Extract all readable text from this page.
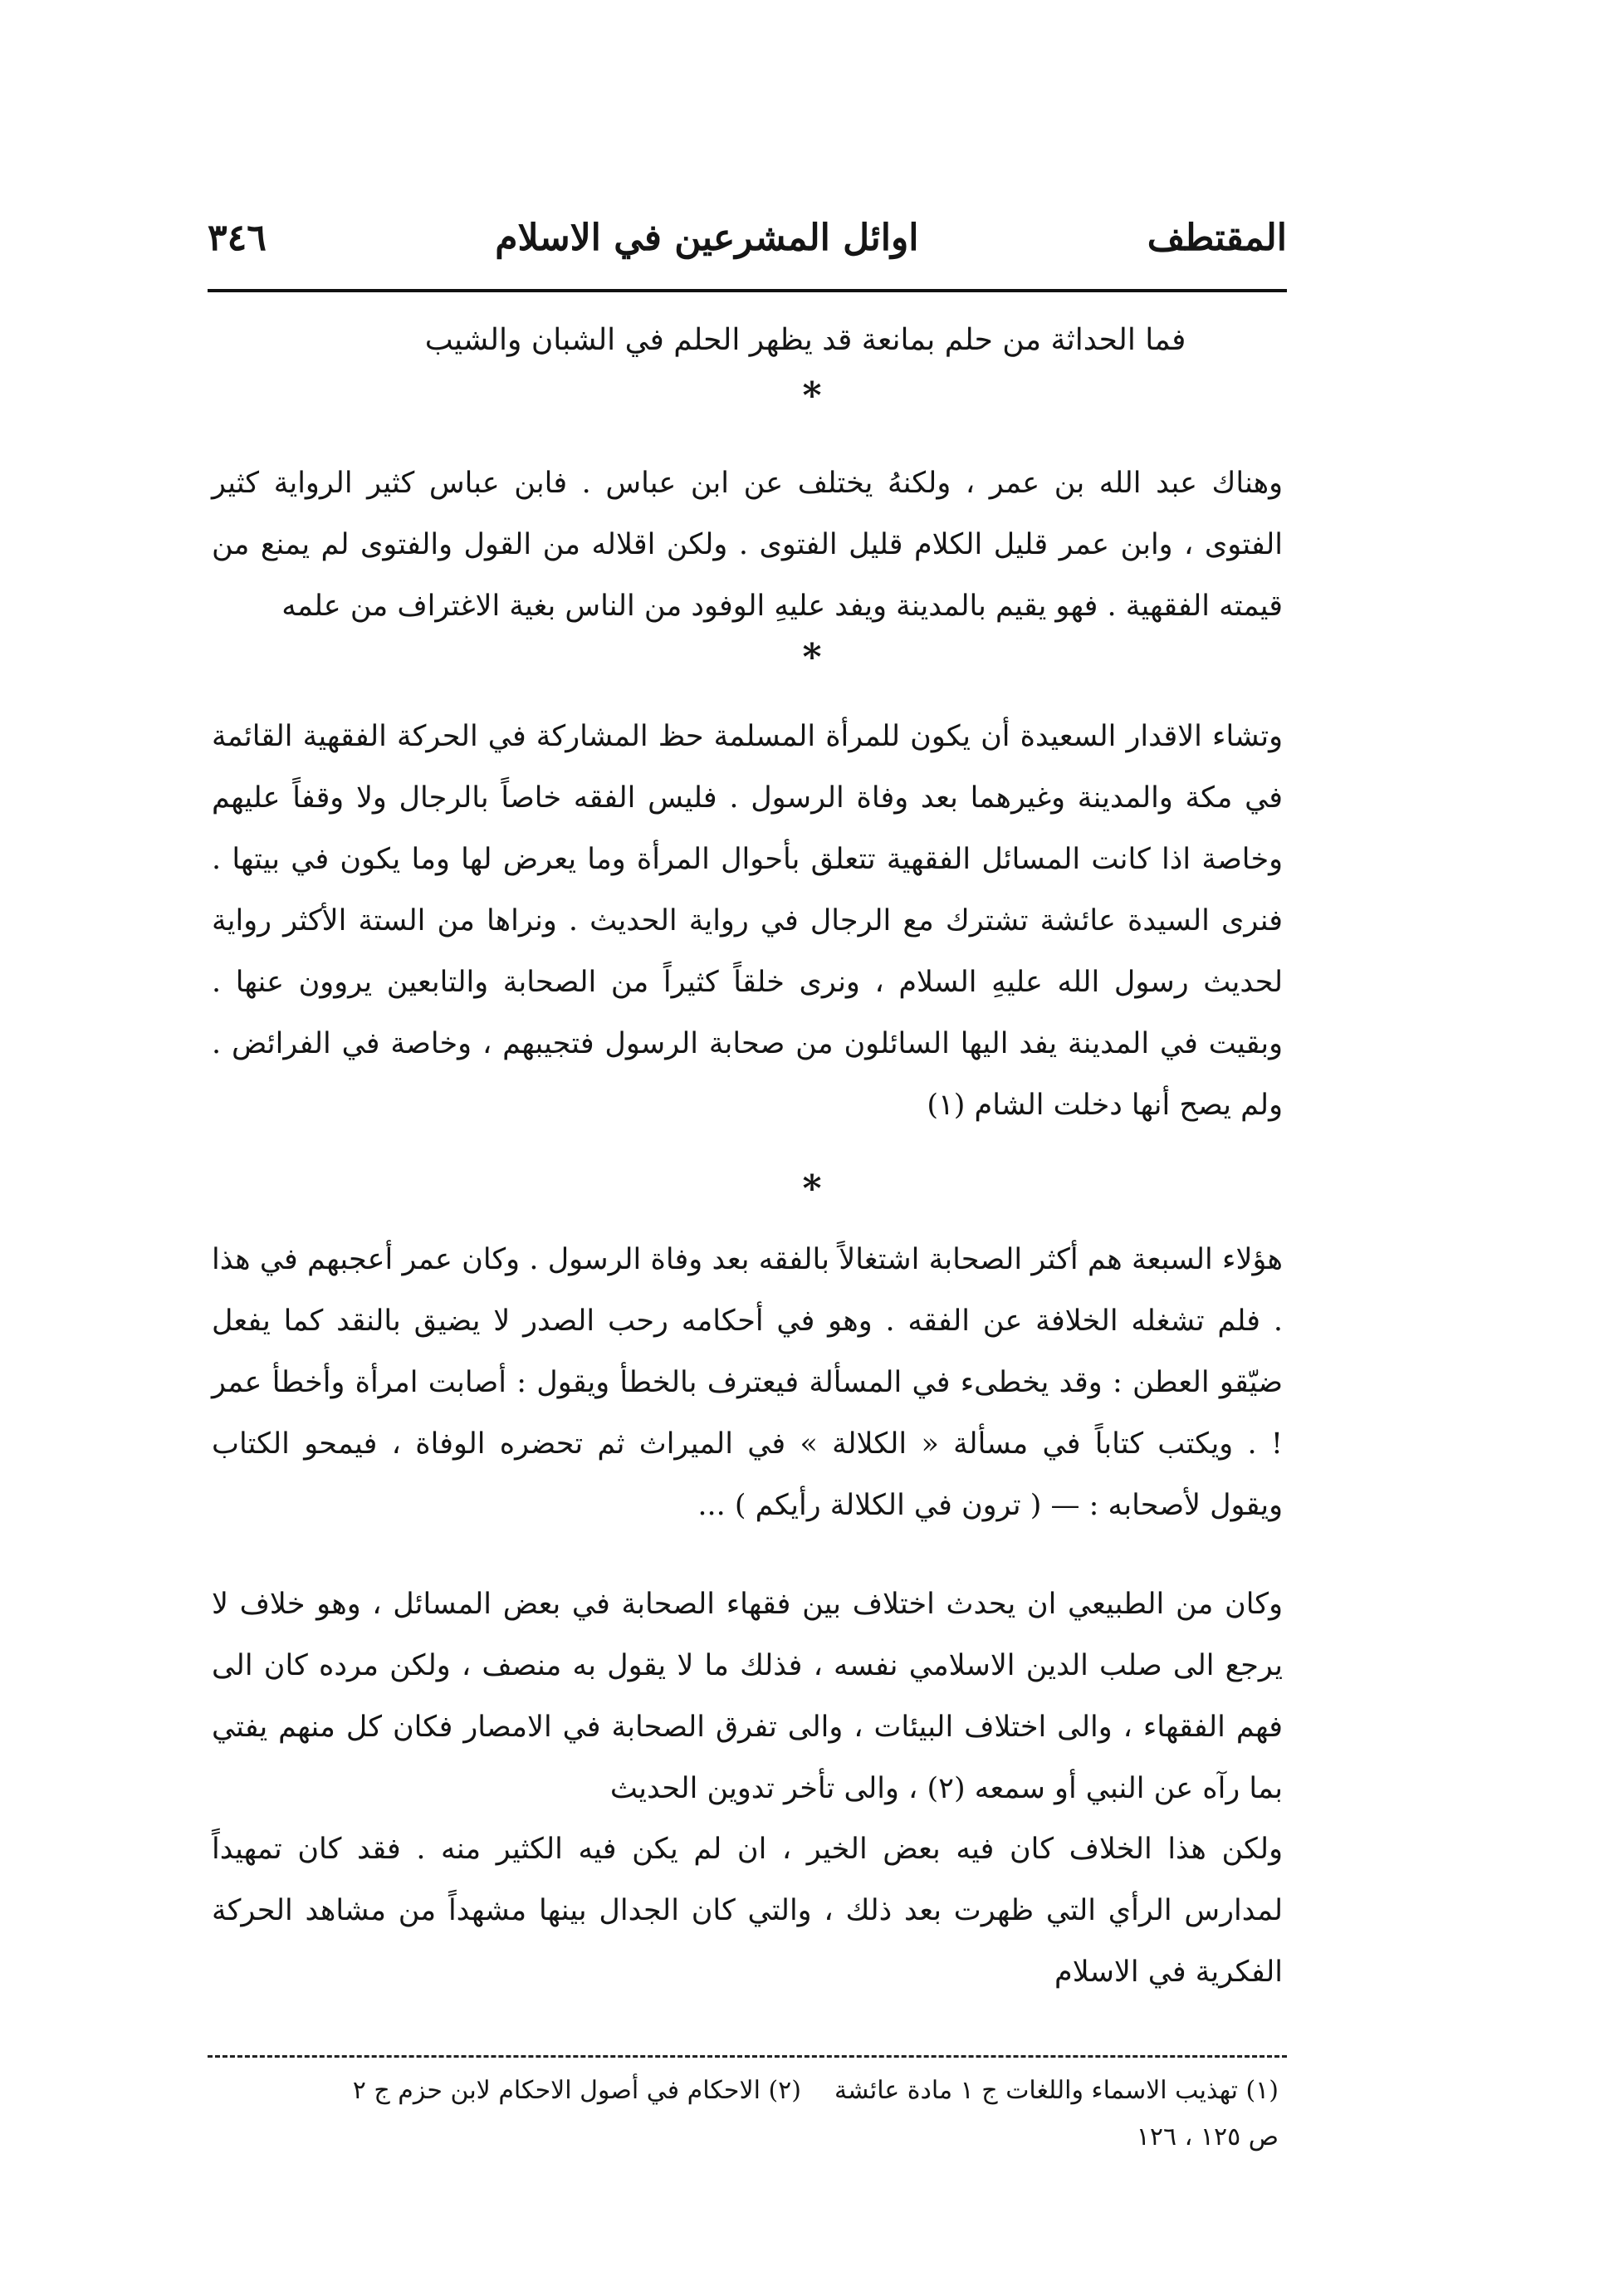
٣٤٦	اوائل المشرعين في الاسلام	المقتطف
فما الحداثة من حلم بمانعة قد يظهر الحلم في الشبان والشيب
*

وهناك عبد الله بن عمر ، ولكنهُ يختلف عن ابن عباس . فابن عباس كثير الرواية كثير الفتوى ، وابن عمر قليل الكلام قليل الفتوى . ولكن اقلاله من القول والفتوى لم يمنع من قيمته الفقهية . فهو يقيم بالمدينة ويفد عليهِ الوفود من الناس بغية الاغتراف من علمه

*

وتشاء الاقدار السعيدة أن يكون للمرأة المسلمة حظ المشاركة في الحركة الفقهية القائمة في مكة والمدينة وغيرهما بعد وفاة الرسول . فليس الفقه خاصاً بالرجال ولا وقفاً عليهم وخاصة اذا كانت المسائل الفقهية تتعلق بأحوال المرأة وما يعرض لها وما يكون في بيتها . فنرى السيدة عائشة تشترك مع الرجال في رواية الحديث . ونراها من الستة الأكثر رواية لحديث رسول الله عليهِ السلام ، ونرى خلقاً كثيراً من الصحابة والتابعين يروون عنها . وبقيت في المدينة يفد اليها السائلون من صحابة الرسول فتجيبهم ، وخاصة في الفرائض . ولم يصح أنها دخلت الشام (١)

*

هؤلاء السبعة هم أكثر الصحابة اشتغالاً بالفقه بعد وفاة الرسول . وكان عمر أعجبهم في هذا . فلم تشغله الخلافة عن الفقه . وهو في أحكامه رحب الصدر لا يضيق بالنقد كما يفعل ضيّقو العطن : وقد يخطىء في المسألة فيعترف بالخطأ ويقول : أصابت امرأة وأخطأ عمر ! . ويكتب كتاباً في مسألة « الكلالة » في الميراث ثم تحضره الوفاة ، فيمحو الكتاب ويقول لأصحابه : — ( ترون في الكلالة رأيكم ) ...

وكان من الطبيعي ان يحدث اختلاف بين فقهاء الصحابة في بعض المسائل ، وهو خلاف لا يرجع الى صلب الدين الاسلامي نفسه ، فذلك ما لا يقول به منصف ، ولكن مرده كان الى فهم الفقهاء ، والى اختلاف البيئات ، والى تفرق الصحابة في الامصار فكان كل منهم يفتي بما رآه عن النبي أو سمعه (٢) ، والى تأخر تدوين الحديث

ولكن هذا الخلاف كان فيه بعض الخير ، ان لم يكن فيه الكثير منه . فقد كان تمهيداً لمدارس الرأي التي ظهرت بعد ذلك ، والتي كان الجدال بينها مشهداً من مشاهد الحركة الفكرية في الاسلام

(١) تهذيب الاسماء واللغات ج ١ مادة عائشة(٢) الاحكام في أصول الاحكام لابن حزم ج ٢
ص ١٢٥ ، ١٢٦
